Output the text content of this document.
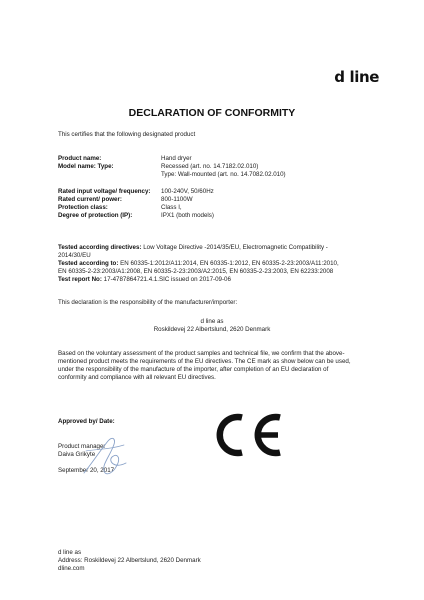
d line
DECLARATION OF CONFORMITY
This certifies that the following designated product
Product name:	Hand dryer
Model name: Type:	Recessed (art. no. 14.7182.02.010)
Type: Wall-mounted (art. no. 14.7082.02.010)
Rated input voltage/ frequency:	100-240V, 50/60Hz
Rated current/ power:	800-1100W
Protection class:	Class I,
Degree of protection (IP):	IPX1 (both models)
Tested according directives: Low Voltage Directive -2014/35/EU, Electromagnetic Compatibility -
2014/30/EU
Tested according to: EN 60335-1:2012/A11:2014, EN 60335-1:2012, EN 60335-2-23:2003/A11:2010,
EN 60335-2-23:2003/A1:2008, EN 60335-2-23:2003/A2:2015, EN 60335-2-23:2003, EN 62233:2008
Test report No: 17-4787864721.4.1.SIC issued on 2017-09-06
This declaration is the responsibility of the manufacturer/importer:
d line as
Roskildevej 22 Albertslund, 2620 Denmark
Based on the voluntary assessment of the product samples and technical file, we confirm that the above-
mentioned product meets the requirements of the EU directives. The CE mark as show below can be used,
under the responsibility of the manufacture of the importer, after completion of an EU declaration of
conformity and compliance with all relevant EU directives.
Approved by/ Date:
Product manager
Daiva Grikyte
September 20, 2017
d line as
Address: Roskildevej 22 Albertslund, 2620 Denmark
dline.com
